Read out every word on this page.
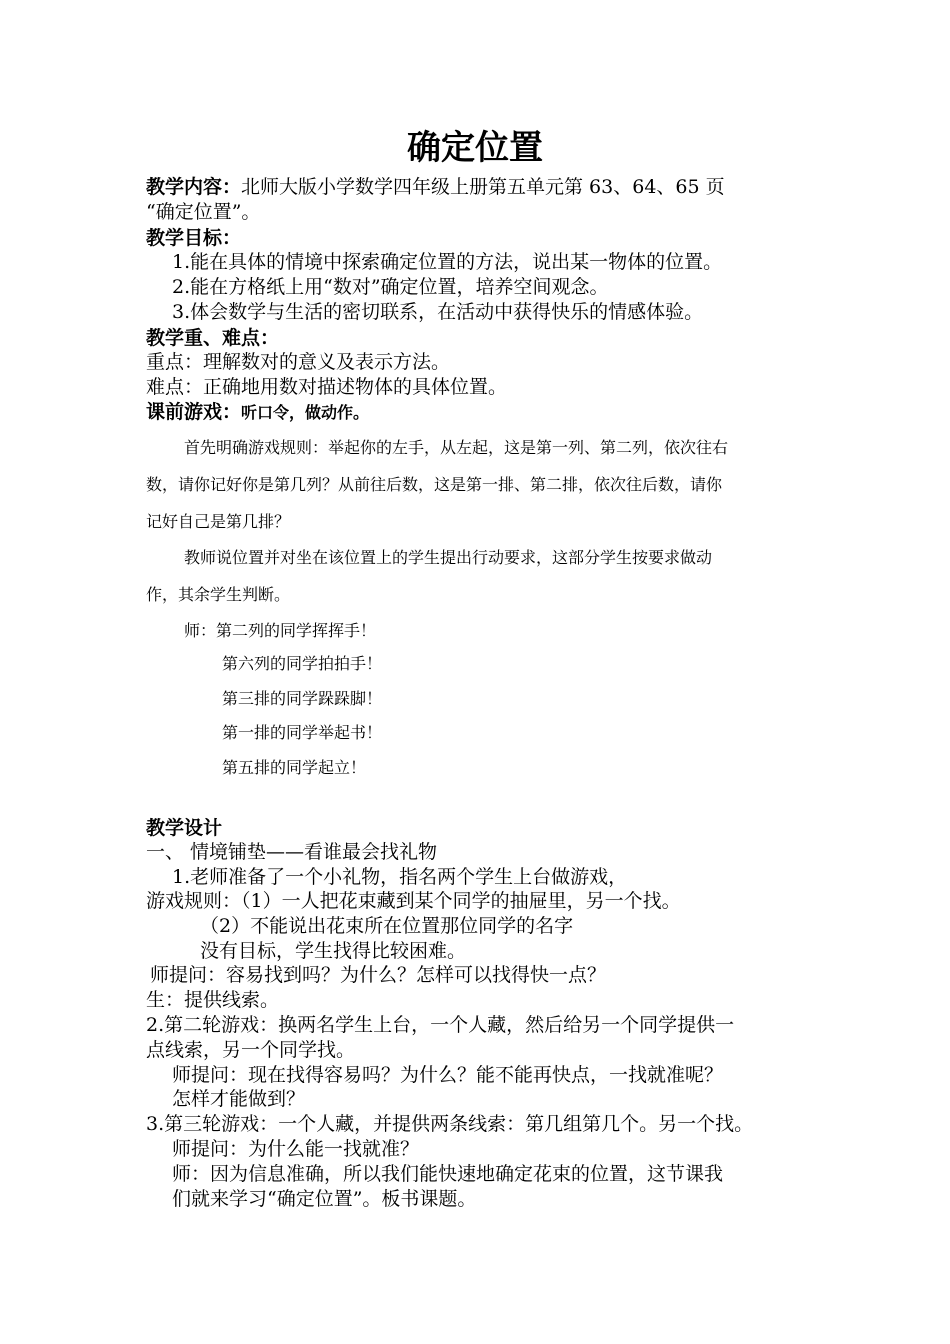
确定位置
教学内容：北师大版小学数学四年级上册第五单元第 63、64、65 页
“确定位置”。
教学目标：
1.能在具体的情境中探索确定位置的方法，说出某一物体的位置。
2.能在方格纸上用“数对”确定位置，培养空间观念。
3.体会数学与生活的密切联系，在活动中获得快乐的情感体验。
教学重、难点：
重点：理解数对的意义及表示方法。
难点：正确地用数对描述物体的具体位置。
课前游戏：听口令，做动作。
首先明确游戏规则：举起你的左手，从左起，这是第一列、第二列，依次往右
数，请你记好你是第几列？从前往后数，这是第一排、第二排，依次往后数，请你
记好自己是第几排？
教师说位置并对坐在该位置上的学生提出行动要求，这部分学生按要求做动
作，其余学生判断。
师：第二列的同学挥挥手！
第六列的同学拍拍手！
第三排的同学跺跺脚！
第一排的同学举起书！
第五排的同学起立！
教学设计
一、 情境铺垫——看谁最会找礼物
1.老师准备了一个小礼物，指名两个学生上台做游戏，
游戏规则：（1）一人把花束藏到某个同学的抽屉里，另一个找。
（2）不能说出花束所在位置那位同学的名字
没有目标，学生找得比较困难。
师提问：容易找到吗？为什么？怎样可以找得快一点？
生：提供线索。
2.第二轮游戏：换两名学生上台，一个人藏，然后给另一个同学提供一
点线索，另一个同学找。
师提问：现在找得容易吗？为什么？能不能再快点，一找就准呢？
怎样才能做到？
3.第三轮游戏：一个人藏，并提供两条线索：第几组第几个。另一个找。
师提问：为什么能一找就准？
师：因为信息准确，所以我们能快速地确定花束的位置，这节课我
们就来学习“确定位置”。板书课题。
